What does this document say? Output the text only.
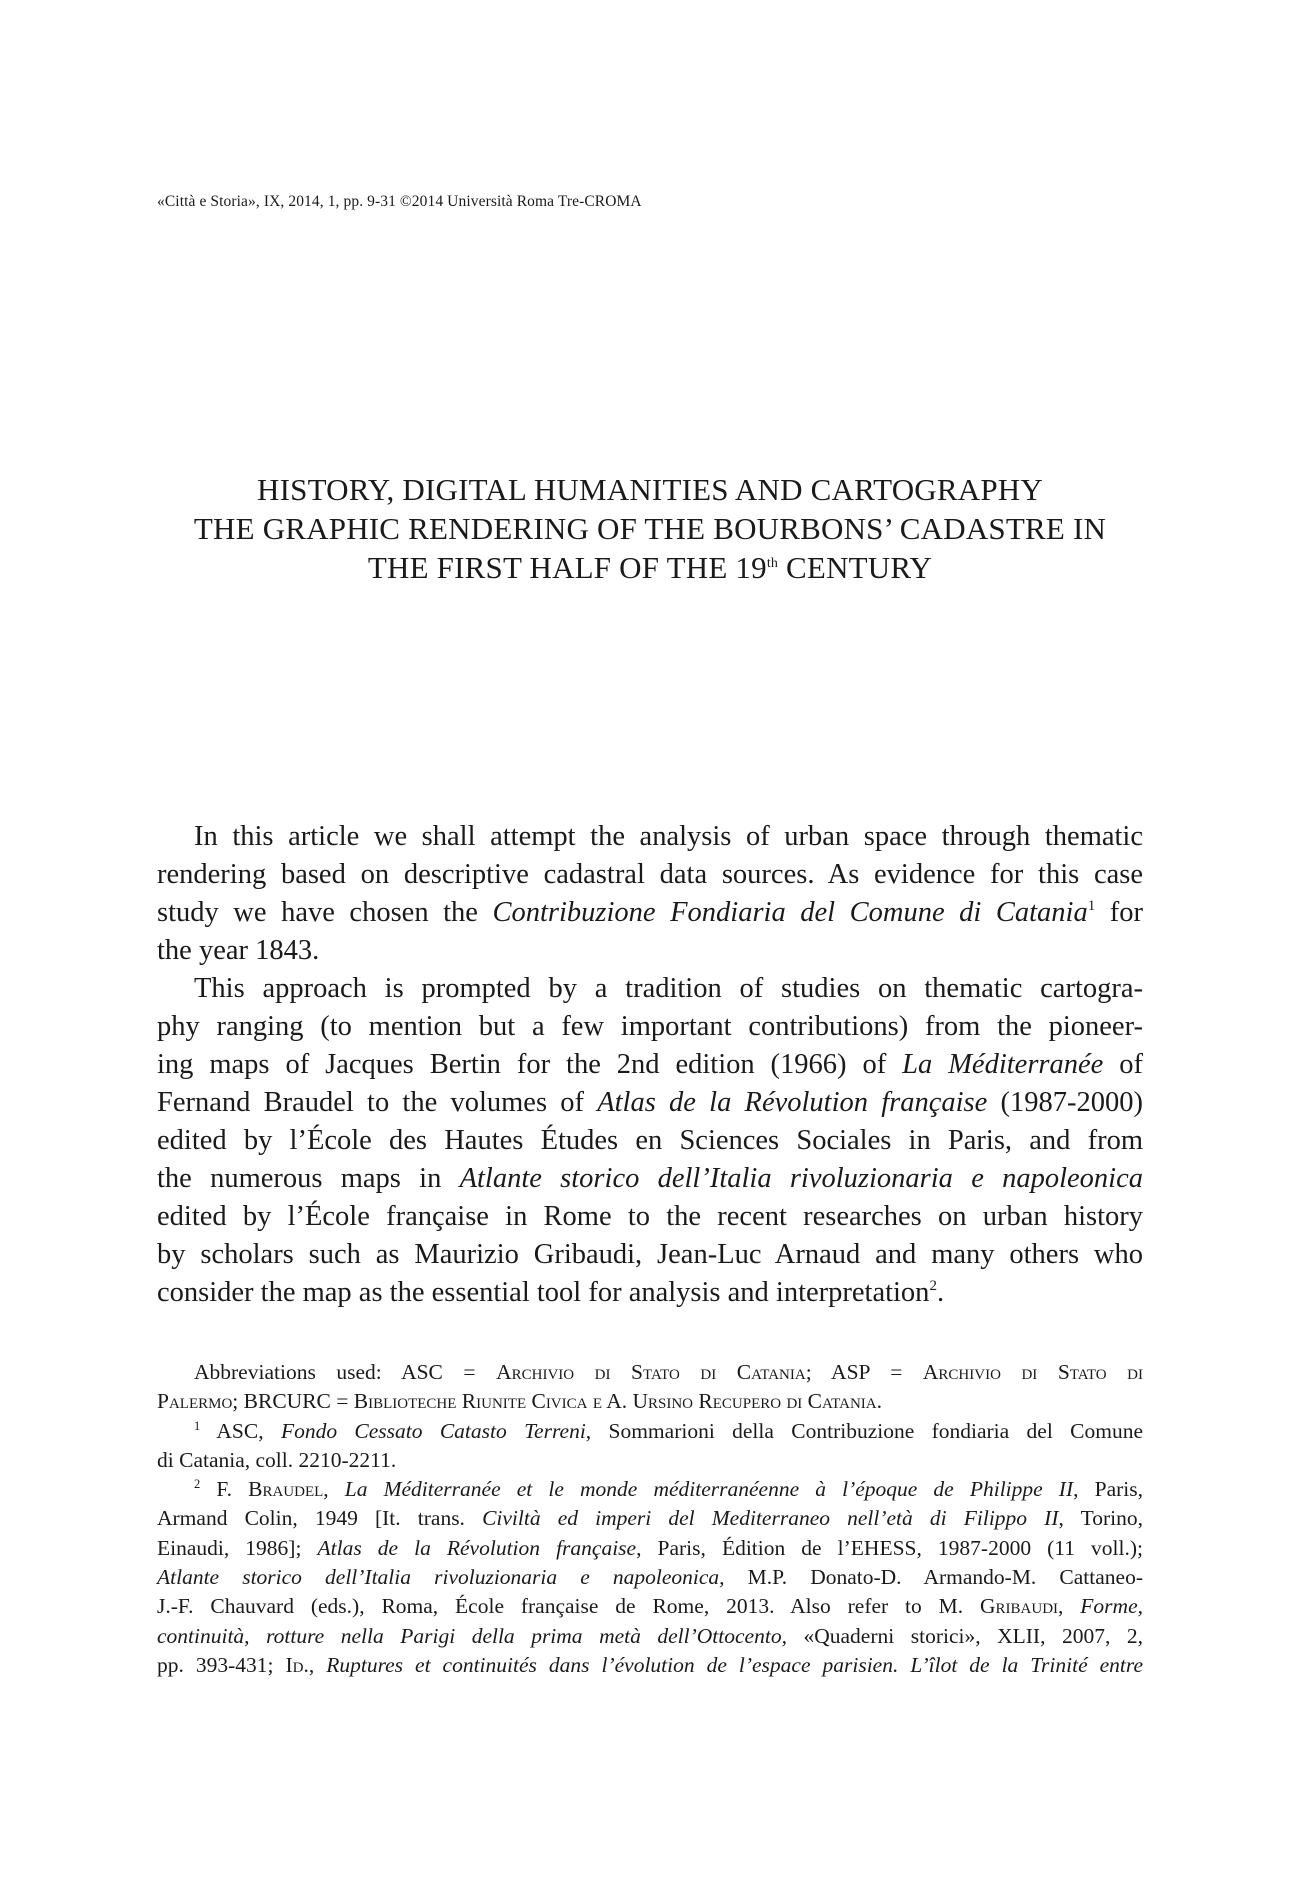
«Città e Storia», IX, 2014, 1, pp. 9-31 ©2014 Università Roma Tre-CROMA
HISTORY, DIGITAL HUMANITIES AND CARTOGRAPHY
THE GRAPHIC RENDERING OF THE BOURBONS’ CADASTRE IN
THE FIRST HALF OF THE 19th CENTURY
In this article we shall attempt the analysis of urban space through thematic
rendering based on descriptive cadastral data sources. As evidence for this case
study we have chosen the Contribuzione Fondiaria del Comune di Catania$^1$ for
the year 1843.
This approach is prompted by a tradition of studies on thematic cartogra-
phy ranging (to mention but a few important contributions) from the pioneer-
ing maps of Jacques Bertin for the 2nd edition (1966) of La Méditerranée of
Fernand Braudel to the volumes of Atlas de la Révolution française (1987-2000)
edited by l’École des Hautes Études en Sciences Sociales in Paris, and from
the numerous maps in Atlante storico dell’Italia rivoluzionaria e napoleonica
edited by l’École française in Rome to the recent researches on urban history
by scholars such as Maurizio Gribaudi, Jean-Luc Arnaud and many others who
consider the map as the essential tool for analysis and interpretation$^2$.
Abbreviations used: ASC = Archivio di Stato di Catania; ASP = Archivio di Stato di
Palermo; BRCURC = Biblioteche Riunite Civica e A. Ursino Recupero di Catania.
$^1$ ASC, Fondo Cessato Catasto Terreni, Sommarioni della Contribuzione fondiaria del Comune
di Catania, coll. 2210-2211.
$^2$ F. Braudel, La Méditerranée et le monde méditerranéenne à l’époque de Philippe II, Paris,
Armand Colin, 1949 [It. trans. Civiltà ed imperi del Mediterraneo nell’età di Filippo II, Torino,
Einaudi, 1986]; Atlas de la Révolution française, Paris, Édition de l’EHESS, 1987-2000 (11 voll.);
Atlante storico dell’Italia rivoluzionaria e napoleonica, M.P. Donato-D. Armando-M. Cattaneo-
J.-F. Chauvard (eds.), Roma, École française de Rome, 2013. Also refer to M. Gribaudi, Forme,
continuità, rotture nella Parigi della prima metà dell’Ottocento, «Quaderni storici», XLII, 2007, 2,
pp. 393-431; Id., Ruptures et continuités dans l’évolution de l’espace parisien. L’îlot de la Trinité entre
